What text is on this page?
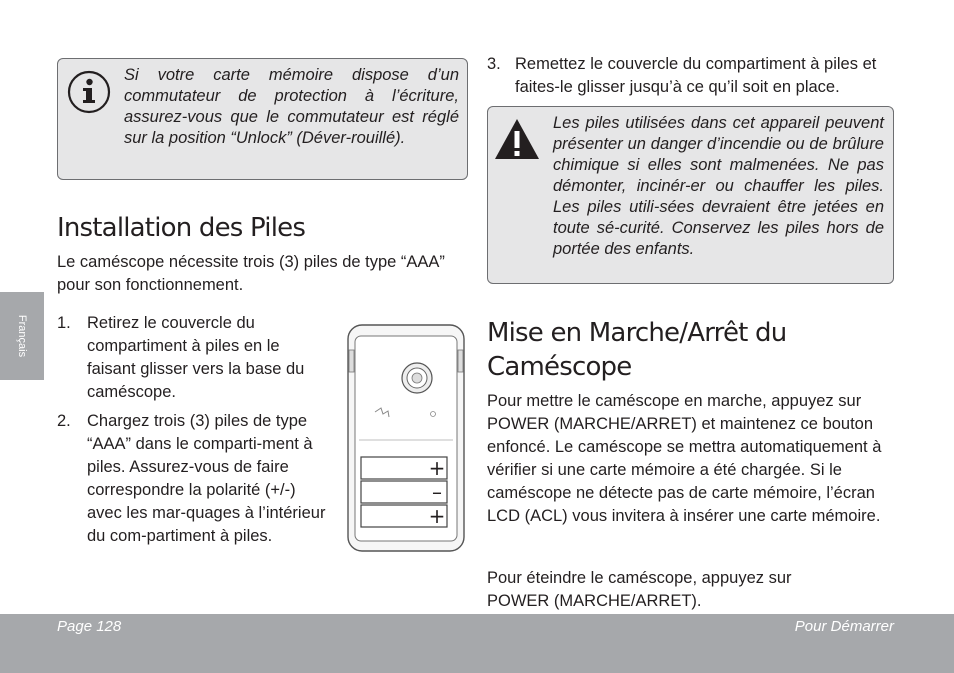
Français

Si votre carte mémoire dispose d’un commutateur de protection à l’écriture, assurez-vous que le commutateur est réglé sur la position “Unlock” (Déver-rouillé).

Installation des Piles

Le caméscope nécessite trois (3) piles de type “AAA” pour son fonctionnement.

1. Retirez le couvercle du compartiment à piles en le faisant glisser vers la base du caméscope.

2. Chargez trois (3) piles de type “AAA” dans le comparti-ment à piles. Assurez-vous de faire correspondre la polarité (+/-) avec les mar-quages à l’intérieur du com-partiment à piles.

+
–
+
3. Remettez le couvercle du compartiment à piles et faites-le glisser jusqu’à ce qu’il soit en place.

Les piles utilisées dans cet appareil peuvent présenter un danger d’incendie ou de brûlure chimique si elles sont malmenées. Ne pas démonter, incinér-er ou chauffer les piles. Les piles utili-sées devraient être jetées en toute sé-curité. Conservez les piles hors de portée des enfants.

Mise en Marche/Arrêt du
Caméscope

Pour mettre le caméscope en marche, appuyez sur POWER (MARCHE/ARRET) et maintenez ce bouton enfoncé. Le caméscope se mettra automatiquement à vérifier si une carte mémoire a été chargée. Si le caméscope ne détecte pas de carte mémoire, l’écran LCD (ACL) vous invitera à insérer une carte mémoire.

Pour éteindre le caméscope, appuyez sur POWER (MARCHE/ARRET).

Page 128	Pour Démarrer
